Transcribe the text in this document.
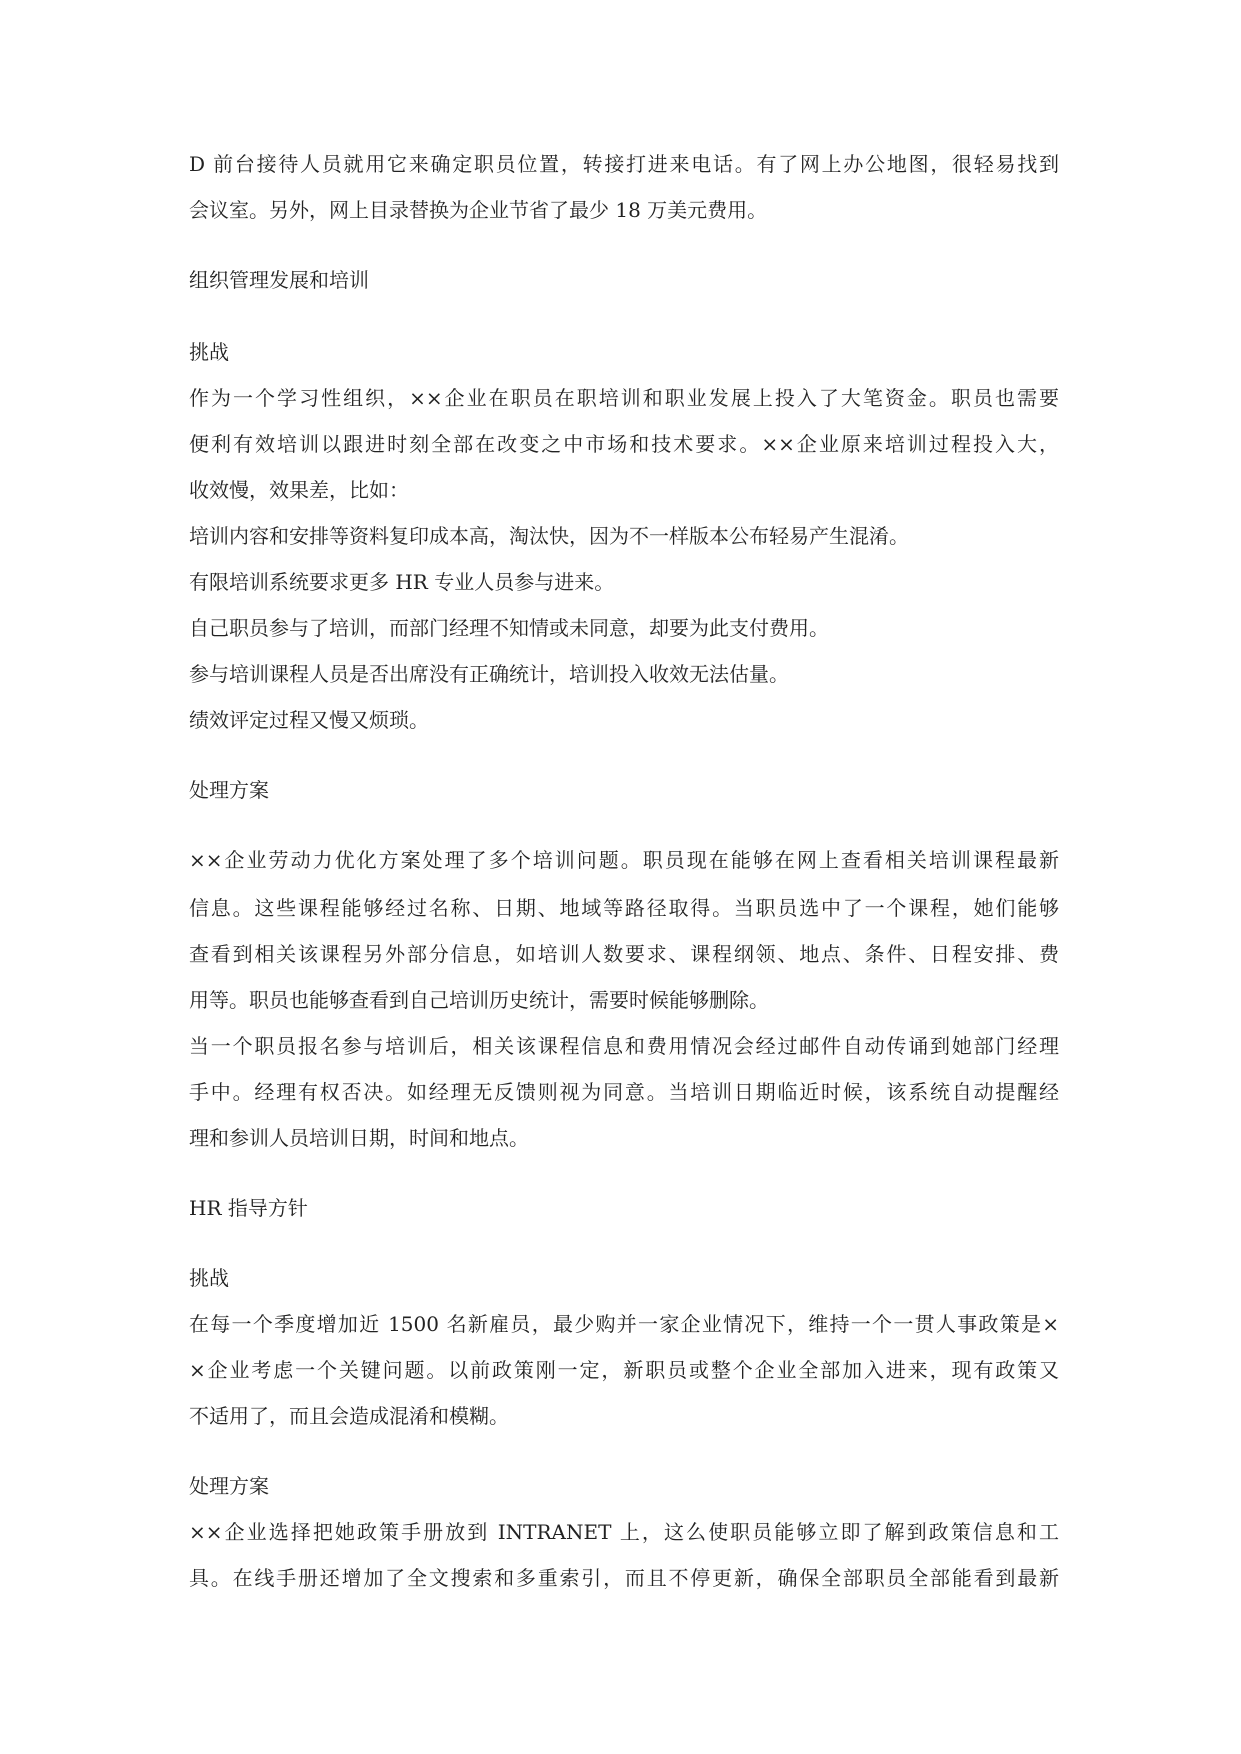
D 前台接待人员就用它来确定职员位置，转接打进来电话。有了网上办公地图，很轻易找到
会议室。另外，网上目录替换为企业节省了最少 18 万美元费用。
组织管理发展和培训
挑战
作为一个学习性组织，××企业在职员在职培训和职业发展上投入了大笔资金。职员也需要
便利有效培训以跟进时刻全部在改变之中市场和技术要求。××企业原来培训过程投入大，
收效慢，效果差，比如：
培训内容和安排等资料复印成本高，淘汰快，因为不一样版本公布轻易产生混淆。
有限培训系统要求更多 HR 专业人员参与进来。
自己职员参与了培训，而部门经理不知情或未同意，却要为此支付费用。
参与培训课程人员是否出席没有正确统计，培训投入收效无法估量。
绩效评定过程又慢又烦琐。
处理方案
××企业劳动力优化方案处理了多个培训问题。职员现在能够在网上查看相关培训课程最新
信息。这些课程能够经过名称、日期、地域等路径取得。当职员选中了一个课程，她们能够
查看到相关该课程另外部分信息，如培训人数要求、课程纲领、地点、条件、日程安排、费
用等。职员也能够查看到自己培训历史统计，需要时候能够删除。
当一个职员报名参与培训后，相关该课程信息和费用情况会经过邮件自动传诵到她部门经理
手中。经理有权否决。如经理无反馈则视为同意。当培训日期临近时候，该系统自动提醒经
理和参训人员培训日期，时间和地点。
HR 指导方针
挑战
在每一个季度增加近 1500 名新雇员，最少购并一家企业情况下，维持一个一贯人事政策是×
×企业考虑一个关键问题。以前政策刚一定，新职员或整个企业全部加入进来，现有政策又
不适用了，而且会造成混淆和模糊。
处理方案
××企业选择把她政策手册放到 INTRANET 上，这么使职员能够立即了解到政策信息和工
具。在线手册还增加了全文搜索和多重索引，而且不停更新，确保全部职员全部能看到最新
